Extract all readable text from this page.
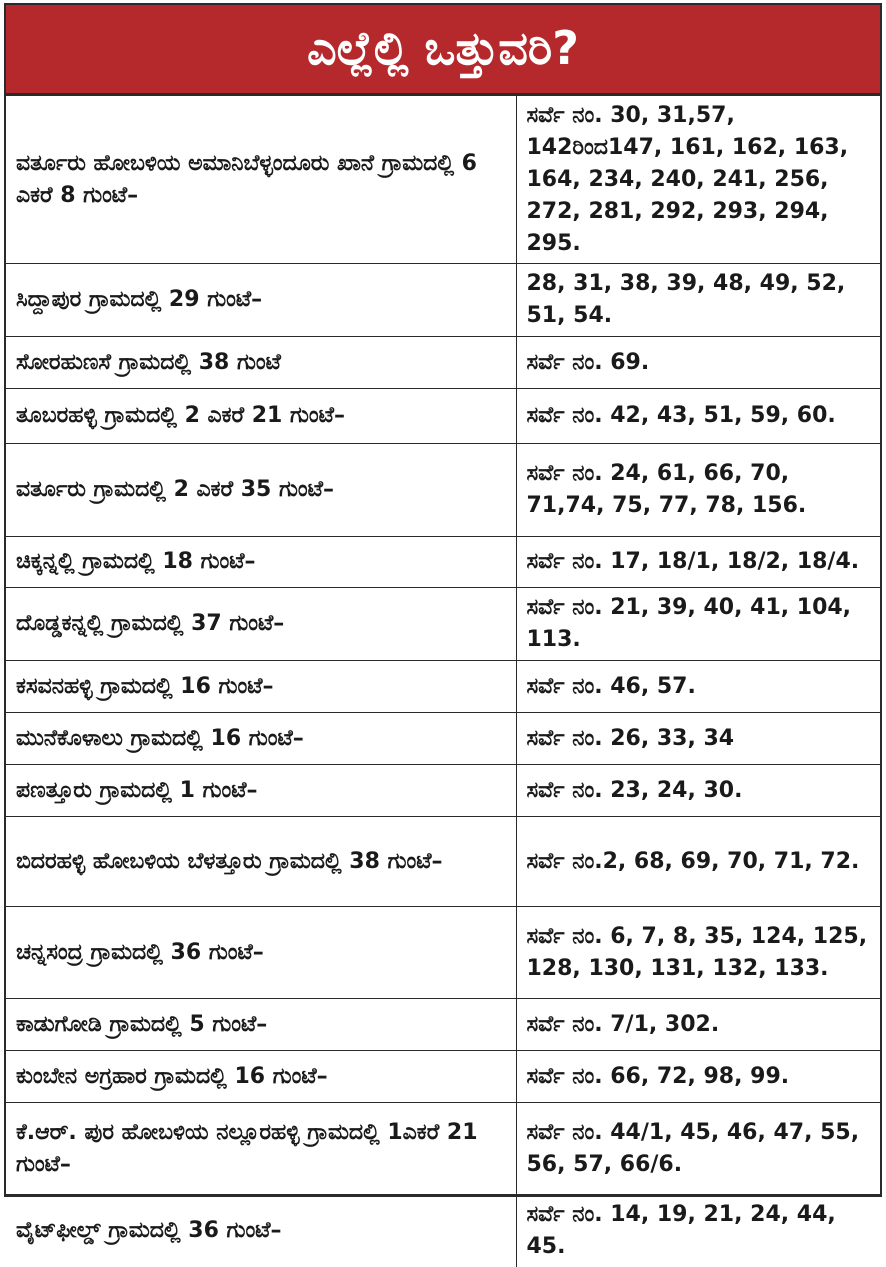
ಎಲ್ಲೆಲ್ಲಿ ಒತ್ತುವರಿ?
ವರ್ತೂರು ಹೋಬಳಿಯ ಅಮಾನಿಬೆಳ್ಳಂದೂರು ಖಾನೆ ಗ್ರಾಮದಲ್ಲಿ 6 ಎಕರೆ 8 ಗುಂಟೆ–	ಸರ್ವೆ ನಂ. 30, 31,57, 142ರಿಂದ147, 161, 162, 163, 164, 234, 240, 241, 256, 272, 281, 292, 293, 294, 295.
ಸಿದ್ದಾಪುರ ಗ್ರಾಮದಲ್ಲಿ 29 ಗುಂಟೆ–	28, 31, 38, 39, 48, 49, 52, 51, 54.
ಸೋರಹುಣಸೆ ಗ್ರಾಮದಲ್ಲಿ 38 ಗುಂಟೆ	ಸರ್ವೆ ನಂ. 69.
ತೂಬರಹಳ್ಳಿ ಗ್ರಾಮದಲ್ಲಿ 2 ಎಕರೆ 21 ಗುಂಟೆ–	ಸರ್ವೆ ನಂ. 42, 43, 51, 59, 60.
ವರ್ತೂರು ಗ್ರಾಮದಲ್ಲಿ 2 ಎಕರೆ 35 ಗುಂಟೆ–	ಸರ್ವೆ ನಂ. 24, 61, 66, 70, 71,74, 75, 77, 78, 156.
ಚಿಕ್ಕನ್ನಲ್ಲಿ ಗ್ರಾಮದಲ್ಲಿ 18 ಗುಂಟೆ–	ಸರ್ವೆ ನಂ. 17, 18/1, 18/2, 18/4.
ದೊಡ್ಡಕನ್ನಲ್ಲಿ ಗ್ರಾಮದಲ್ಲಿ 37 ಗುಂಟೆ–	ಸರ್ವೆ ನಂ. 21, 39, 40, 41, 104, 113.
ಕಸವನಹಳ್ಳಿ ಗ್ರಾಮದಲ್ಲಿ 16 ಗುಂಟೆ–	ಸರ್ವೆ ನಂ. 46, 57.
ಮುನೆಕೊಳಾಲು ಗ್ರಾಮದಲ್ಲಿ 16 ಗುಂಟೆ–	ಸರ್ವೆ ನಂ. 26, 33, 34
ಪಣತ್ತೂರು ಗ್ರಾಮದಲ್ಲಿ 1 ಗುಂಟೆ–	ಸರ್ವೆ ನಂ. 23, 24, 30.
ಬಿದರಹಳ್ಳಿ ಹೋಬಳಿಯ ಬೆಳತ್ತೂರು ಗ್ರಾಮದಲ್ಲಿ 38 ಗುಂಟೆ–	ಸರ್ವೆ ನಂ.2, 68, 69, 70, 71, 72.
ಚನ್ನಸಂದ್ರ ಗ್ರಾಮದಲ್ಲಿ 36 ಗುಂಟೆ–	ಸರ್ವೆ ನಂ. 6, 7, 8, 35, 124, 125, 128, 130, 131, 132, 133.
ಕಾಡುಗೋಡಿ ಗ್ರಾಮದಲ್ಲಿ 5 ಗುಂಟೆ–	ಸರ್ವೆ ನಂ. 7/1, 302.
ಕುಂಬೇನ ಅಗ್ರಹಾರ ಗ್ರಾಮದಲ್ಲಿ 16 ಗುಂಟೆ–	ಸರ್ವೆ ನಂ. 66, 72, 98, 99.
ಕೆ.ಆರ್. ಪುರ ಹೋಬಳಿಯ ನಲ್ಲೂರಹಳ್ಳಿ ಗ್ರಾಮದಲ್ಲಿ 1ಎಕರೆ 21 ಗುಂಟೆ–	ಸರ್ವೆ ನಂ. 44/1, 45, 46, 47, 55, 56, 57, 66/6.
ವೈಟ್‌ಫೀಲ್ಡ್ ಗ್ರಾಮದಲ್ಲಿ 36 ಗುಂಟೆ–	ಸರ್ವೆ ನಂ. 14, 19, 21, 24, 44, 45.
